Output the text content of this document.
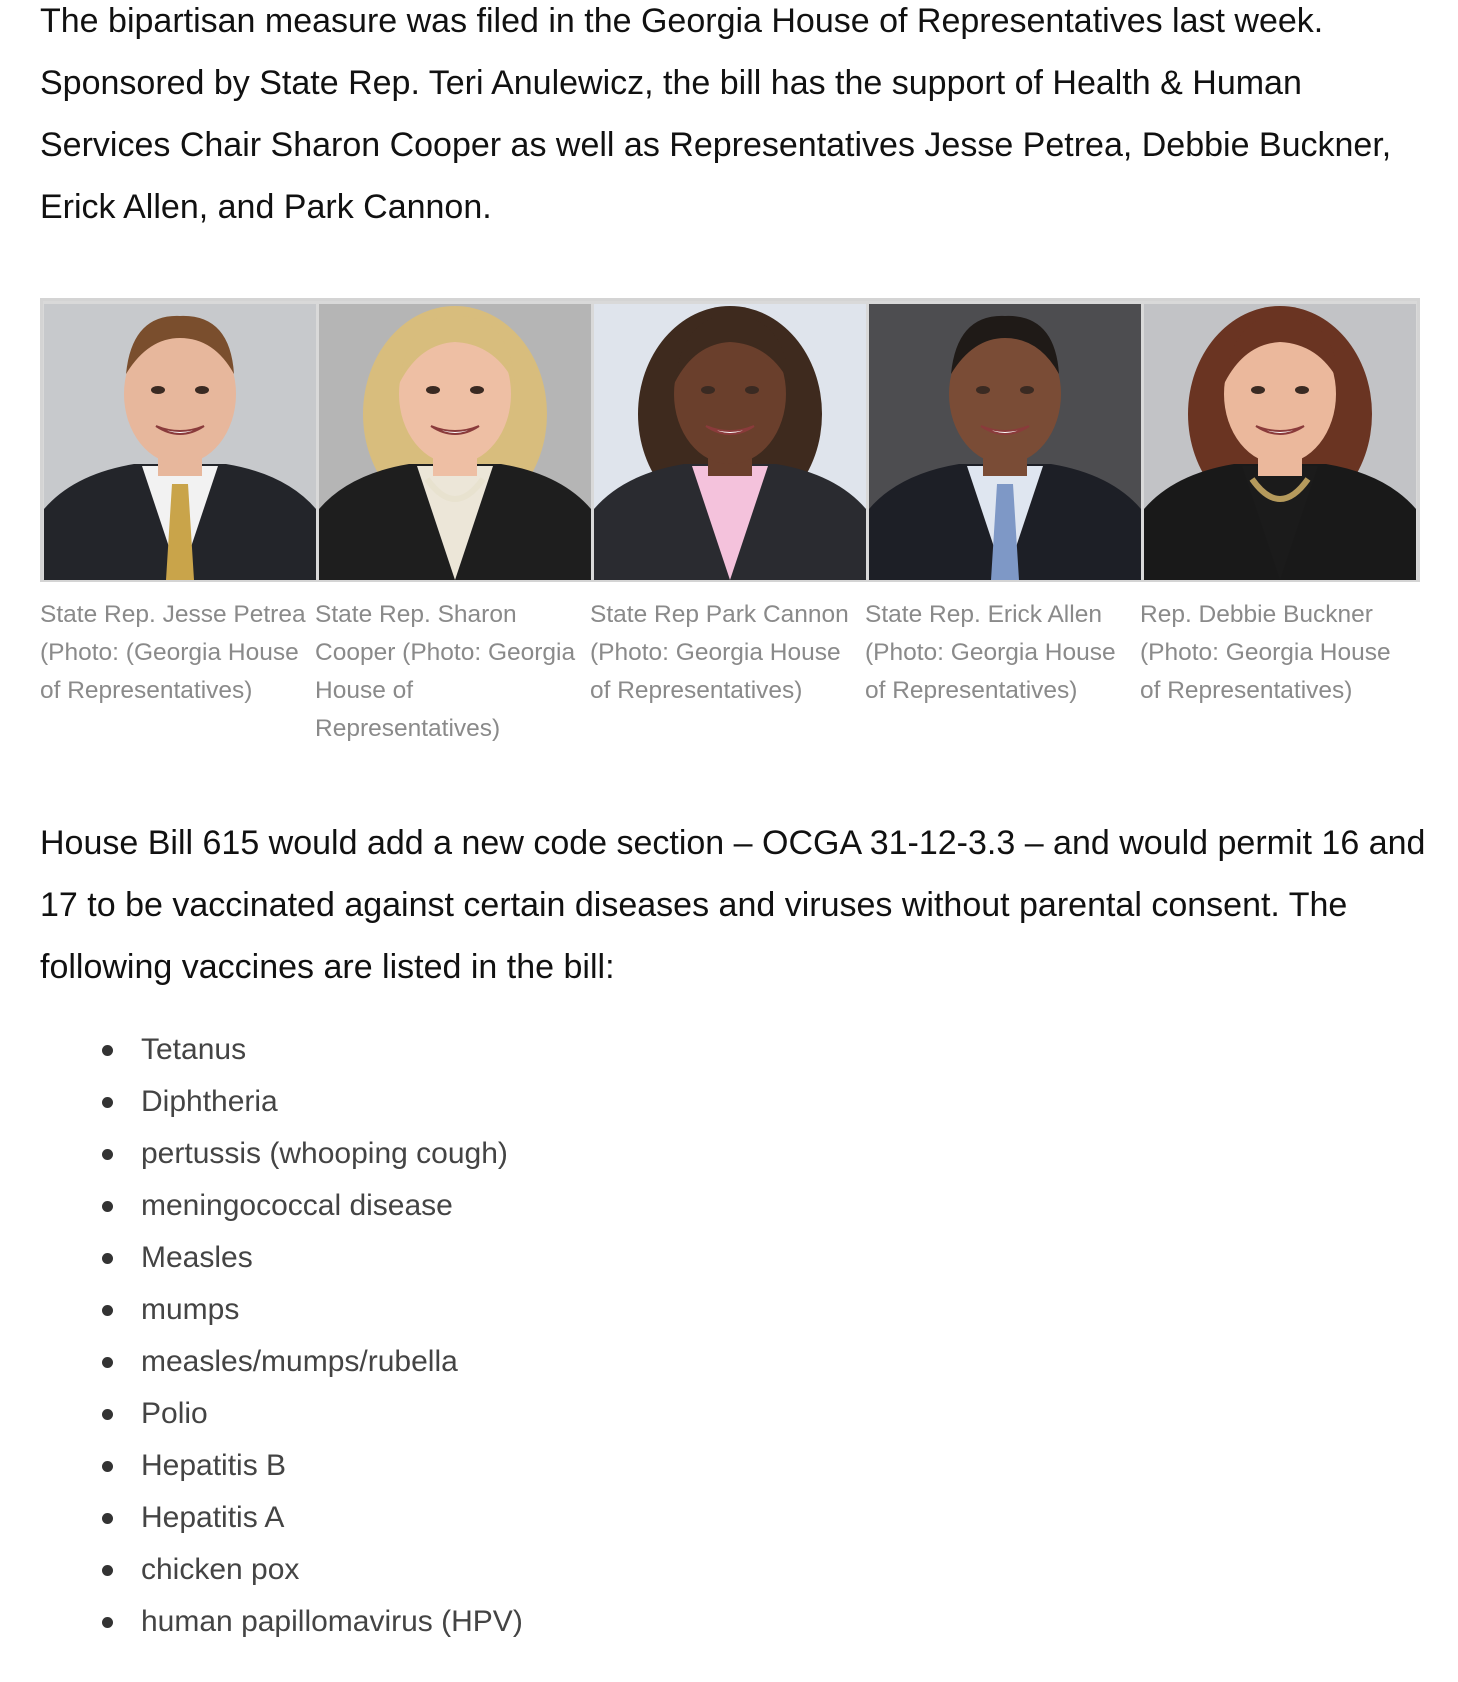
The bipartisan measure was filed in the Georgia House of Representatives last week. Sponsored by State Rep. Teri Anulewicz, the bill has the support of Health & Human Services Chair Sharon Cooper as well as Representatives Jesse Petrea, Debbie Buckner, Erick Allen, and Park Cannon.

State Rep. Jesse Petrea (Photo: (Georgia House of Representatives)
State Rep. Sharon Cooper (Photo: Georgia House of Representatives)
State Rep Park Cannon (Photo: Georgia House of Representatives)
State Rep. Erick Allen (Photo: Georgia House of Representatives)
Rep. Debbie Buckner (Photo: Georgia House of Representatives)

House Bill 615 would add a new code section – OCGA 31-12-3.3 – and would permit 16 and 17 to be vaccinated against certain diseases and viruses without parental consent. The following vaccines are listed in the bill:

Tetanus
Diphtheria
pertussis (whooping cough)
meningococcal disease
Measles
mumps
measles/mumps/rubella
Polio
Hepatitis B
Hepatitis A
chicken pox
human papillomavirus (HPV)
